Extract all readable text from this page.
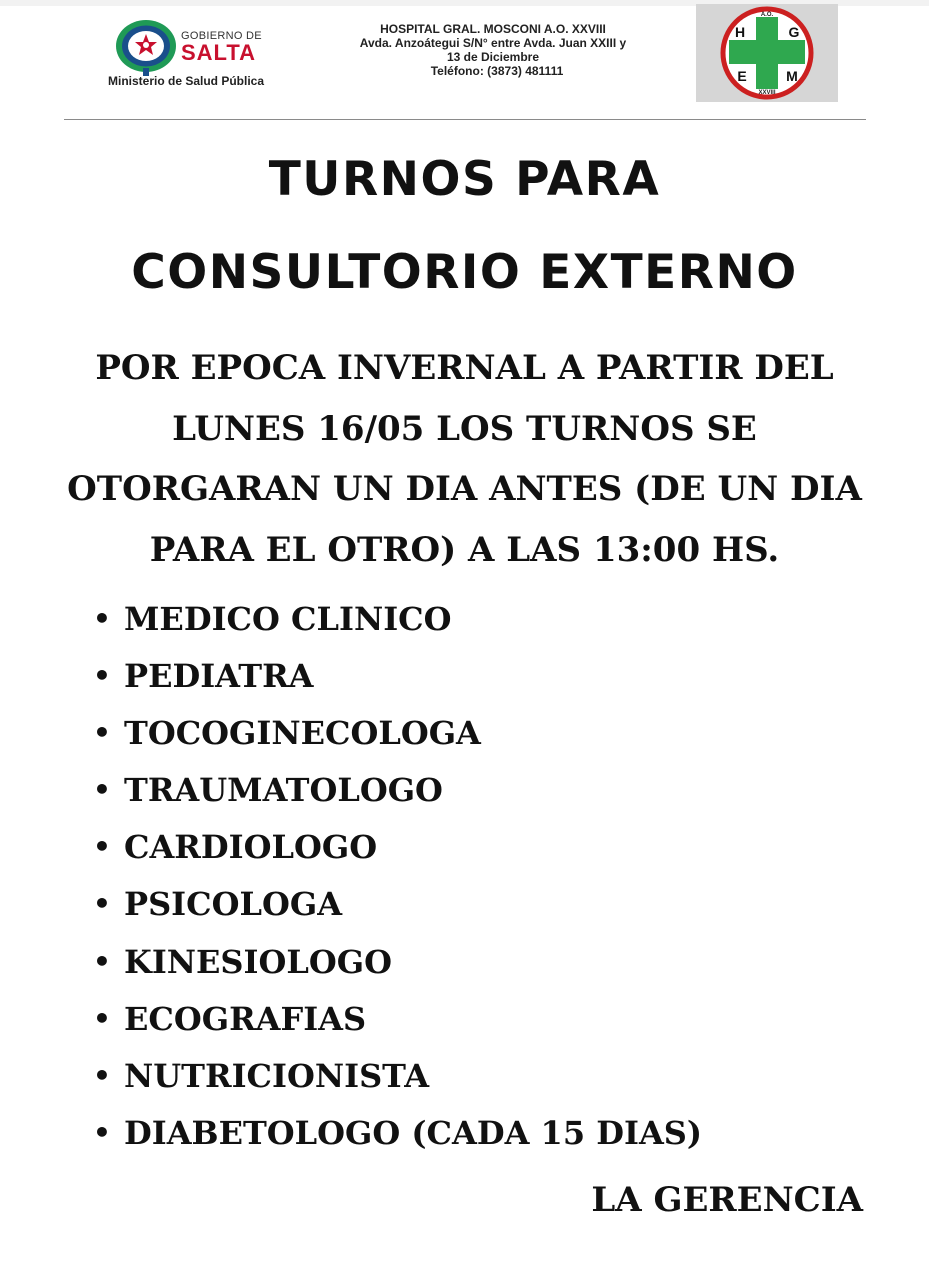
GOBIERNO DE
SALTA
Ministerio de Salud Pública
HOSPITAL GRAL. MOSCONI A.O. XXVIII
Avda. Anzoátegui S/N° entre Avda. Juan XXIII y
13 de Diciembre
Teléfono: (3873) 481111
A.O.
H	G
E	M
XXVIII
TURNOS PARA
CONSULTORIO EXTERNO
POR EPOCA INVERNAL A PARTIR DEL
LUNES 16/05 LOS TURNOS SE
OTORGARAN UN DIA ANTES (DE UN DIA
PARA EL OTRO) A LAS 13:00 HS.
• MEDICO CLINICO
• PEDIATRA
• TOCOGINECOLOGA
• TRAUMATOLOGO
• CARDIOLOGO
• PSICOLOGA
• KINESIOLOGO
• ECOGRAFIAS
• NUTRICIONISTA
• DIABETOLOGO (CADA 15 DIAS)
LA GERENCIA
